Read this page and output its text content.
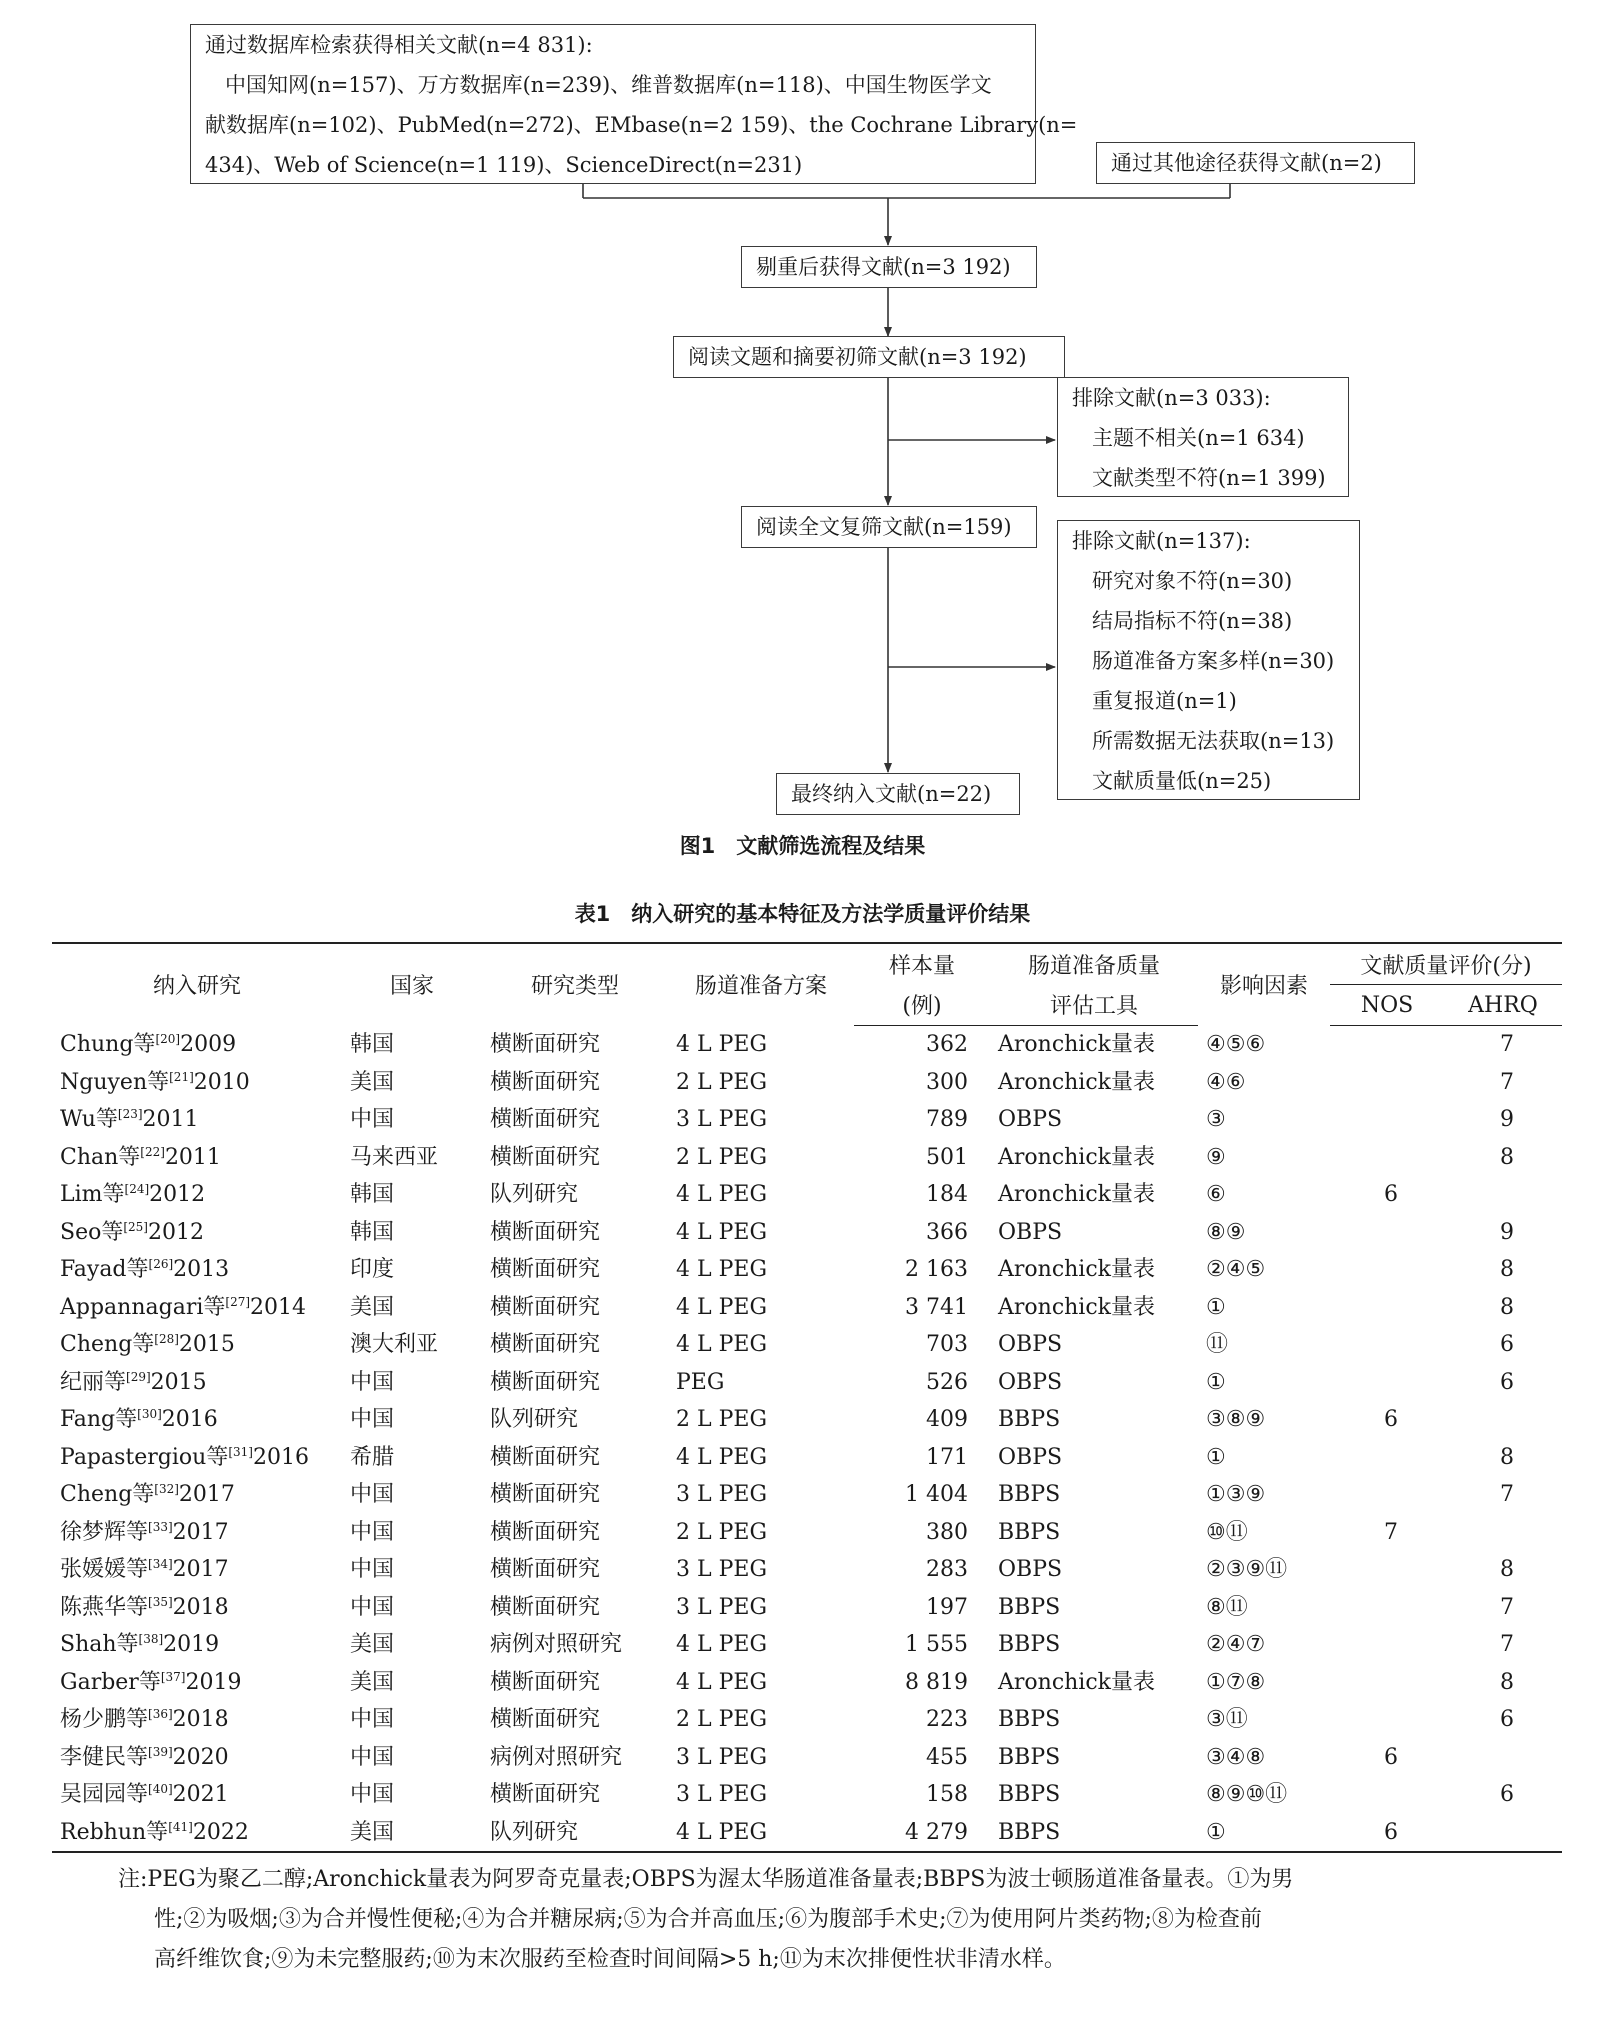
通过数据库检索获得相关文献(n=4 831):
中国知网(n=157)、万方数据库(n=239)、维普数据库(n=118)、中国生物医学文
献数据库(n=102)、PubMed(n=272)、EMbase(n=2 159)、the Cochrane Library(n=
434)、Web of Science(n=1 119)、ScienceDirect(n=231)	通过其他途径获得文献(n=2)
剔重后获得文献(n=3 192)
阅读文题和摘要初筛文献(n=3 192)
排除文献(n=3 033):
主题不相关(n=1 634)
文献类型不符(n=1 399)
阅读全文复筛文献(n=159)
排除文献(n=137):
研究对象不符(n=30)
结局指标不符(n=38)
肠道准备方案多样(n=30)
重复报道(n=1)
所需数据无法获取(n=13)
文献质量低(n=25)
最终纳入文献(n=22)
图1　文献筛选流程及结果
表1　纳入研究的基本特征及方法学质量评价结果
纳入研究	国家	研究类型	肠道准备方案	样本量	肠道准备质量	影响因素	文献质量评价(分)	
				(例)	评估工具		NOS	AHRQ
Chung等[20]2009	韩国	横断面研究	4 L PEG	362	Aronchick量表	④⑤⑥		7
Nguyen等[21]2010	美国	横断面研究	2 L PEG	300	Aronchick量表	④⑥		7
Wu等[23]2011	中国	横断面研究	3 L PEG	789	OBPS	③		9
Chan等[22]2011	马来西亚	横断面研究	2 L PEG	501	Aronchick量表	⑨		8
Lim等[24]2012	韩国	队列研究	4 L PEG	184	Aronchick量表	⑥	6	
Seo等[25]2012	韩国	横断面研究	4 L PEG	366	OBPS	⑧⑨		9
Fayad等[26]2013	印度	横断面研究	4 L PEG	2 163	Aronchick量表	②④⑤		8
Appannagari等[27]2014	美国	横断面研究	4 L PEG	3 741	Aronchick量表	①		8
Cheng等[28]2015	澳大利亚	横断面研究	4 L PEG	703	OBPS	⑪		6
纪丽等[29]2015	中国	横断面研究	PEG	526	OBPS	①		6
Fang等[30]2016	中国	队列研究	2 L PEG	409	BBPS	③⑧⑨	6	
Papastergiou等[31]2016	希腊	横断面研究	4 L PEG	171	OBPS	①		8
Cheng等[32]2017	中国	横断面研究	3 L PEG	1 404	BBPS	①③⑨		7
徐梦辉等[33]2017	中国	横断面研究	2 L PEG	380	BBPS	⑩⑪	7	
张媛媛等[34]2017	中国	横断面研究	3 L PEG	283	OBPS	②③⑨⑪		8
陈燕华等[35]2018	中国	横断面研究	3 L PEG	197	BBPS	⑧⑪		7
Shah等[38]2019	美国	病例对照研究	4 L PEG	1 555	BBPS	②④⑦		7
Garber等[37]2019	美国	横断面研究	4 L PEG	8 819	Aronchick量表	①⑦⑧		8
杨少鹏等[36]2018	中国	横断面研究	2 L PEG	223	BBPS	③⑪		6
李健民等[39]2020	中国	病例对照研究	3 L PEG	455	BBPS	③④⑧	6	
吴园园等[40]2021	中国	横断面研究	3 L PEG	158	BBPS	⑧⑨⑩⑪		6
Rebhun等[41]2022	美国	队列研究	4 L PEG	4 279	BBPS	①	6	
注:PEG为聚乙二醇;Aronchick量表为阿罗奇克量表;OBPS为渥太华肠道准备量表;BBPS为波士顿肠道准备量表。①为男
性;②为吸烟;③为合并慢性便秘;④为合并糖尿病;⑤为合并高血压;⑥为腹部手术史;⑦为使用阿片类药物;⑧为检查前
高纤维饮食;⑨为未完整服药;⑩为末次服药至检查时间间隔>5 h;⑪为末次排便性状非清水样。
